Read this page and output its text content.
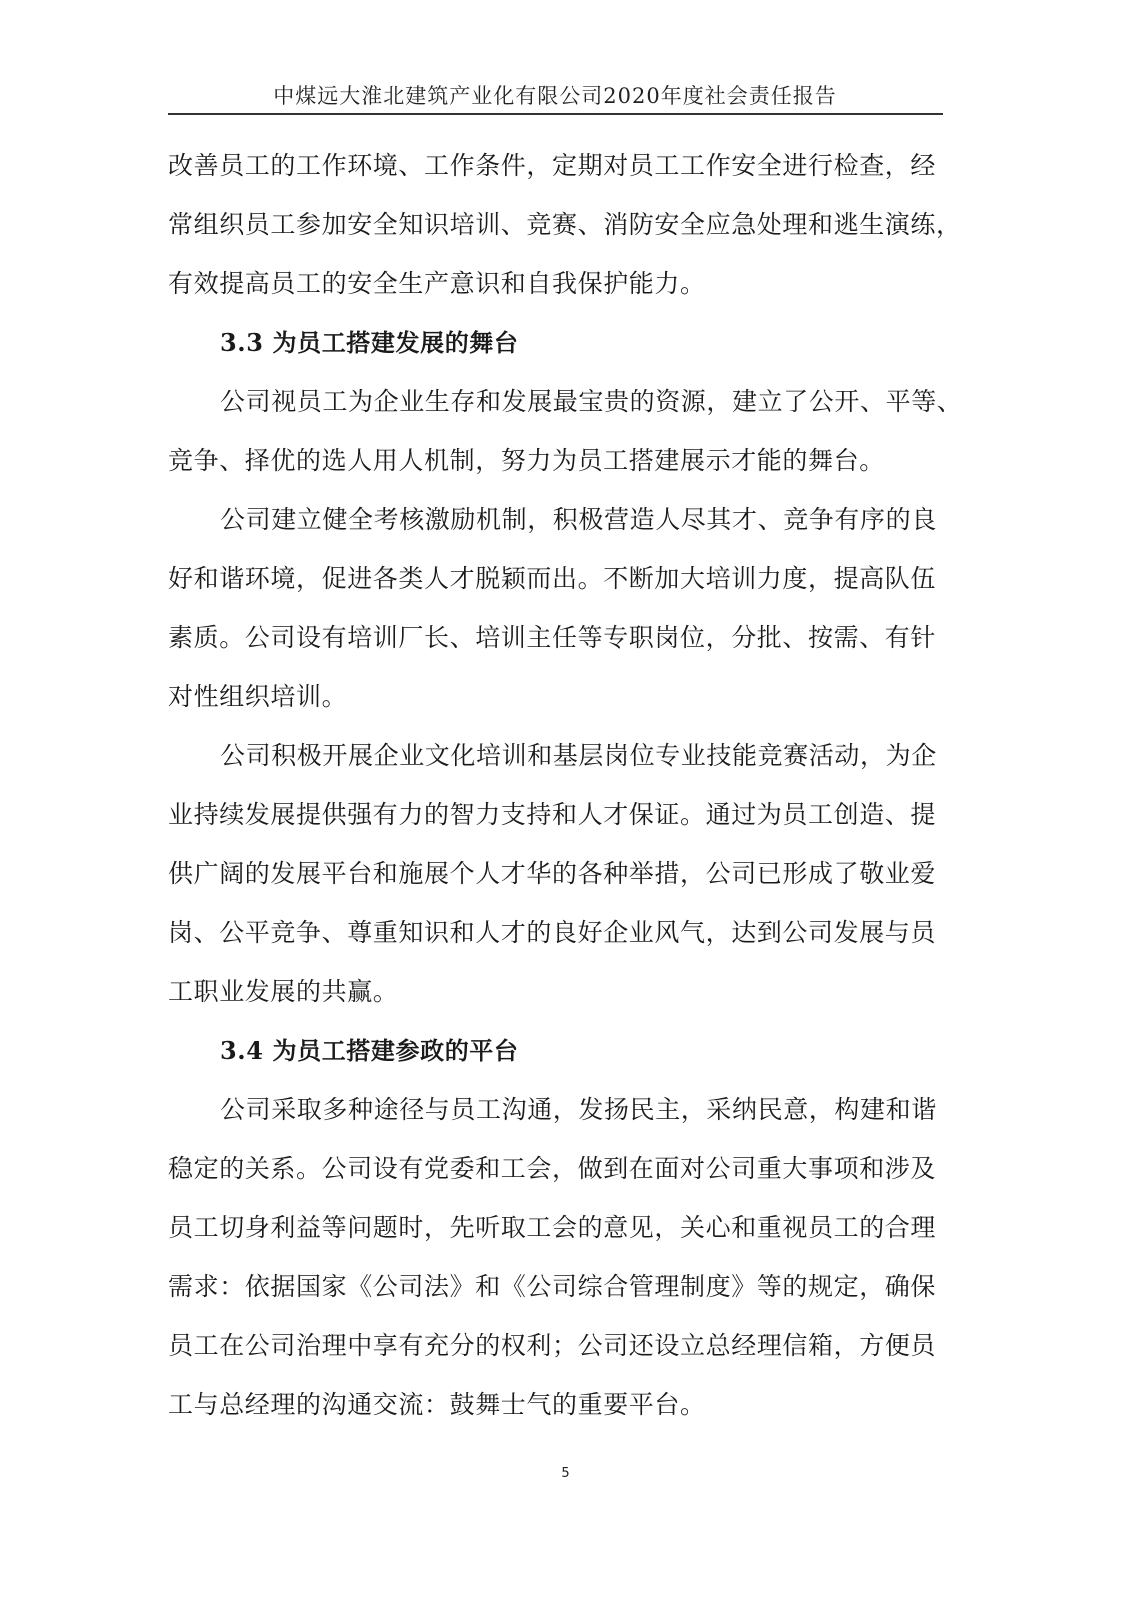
中煤远大淮北建筑产业化有限公司2020年度社会责任报告
改善员工的工作环境、工作条件，定期对员工工作安全进行检查，经
常组织员工参加安全知识培训、竞赛、消防安全应急处理和逃生演练，
有效提高员工的安全生产意识和自我保护能力。
3.3 为员工搭建发展的舞台
公司视员工为企业生存和发展最宝贵的资源，建立了公开、平等、
竞争、择优的选人用人机制，努力为员工搭建展示才能的舞台。
公司建立健全考核激励机制，积极营造人尽其才、竞争有序的良
好和谐环境，促进各类人才脱颖而出。不断加大培训力度，提高队伍
素质。公司设有培训厂长、培训主任等专职岗位，分批、按需、有针
对性组织培训。
公司积极开展企业文化培训和基层岗位专业技能竞赛活动，为企
业持续发展提供强有力的智力支持和人才保证。通过为员工创造、提
供广阔的发展平台和施展个人才华的各种举措，公司已形成了敬业爱
岗、公平竞争、尊重知识和人才的良好企业风气，达到公司发展与员
工职业发展的共赢。
3.4 为员工搭建参政的平台
公司采取多种途径与员工沟通，发扬民主，采纳民意，构建和谐
稳定的关系。公司设有党委和工会，做到在面对公司重大事项和涉及
员工切身利益等问题时，先听取工会的意见，关心和重视员工的合理
需求：依据国家《公司法》和《公司综合管理制度》等的规定，确保
员工在公司治理中享有充分的权利；公司还设立总经理信箱，方便员
工与总经理的沟通交流：鼓舞士气的重要平台。
5
